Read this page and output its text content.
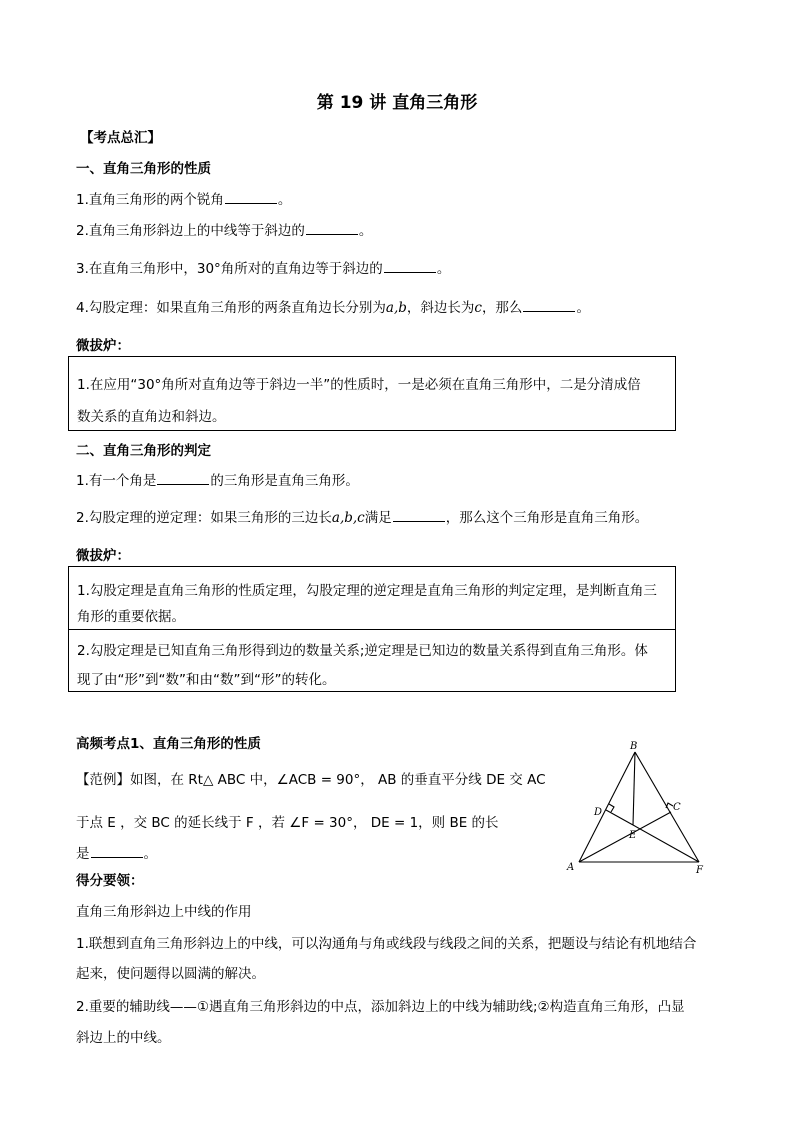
第 19 讲 直角三角形
【考点总汇】
一、直角三角形的性质
1.直角三角形的两个锐角	。
2.直角三角形斜边上的中线等于斜边的	。
3.在直角三角形中，30°角所对的直角边等于斜边的	。
4.勾股定理：如果直角三角形的两条直角边长分别为a,b，斜边长为c，那么	。
微拔炉：
1.在应用“30°角所对直角边等于斜边一半”的性质时，一是必须在直角三角形中，二是分清成倍
数关系的直角边和斜边。
二、直角三角形的判定
1.有一个角是	的三角形是直角三角形。
2.勾股定理的逆定理：如果三角形的三边长a,b,c满足	，那么这个三角形是直角三角形。
微拔炉：
1.勾股定理是直角三角形的性质定理，勾股定理的逆定理是直角三角形的判定定理，是判断直角三
角形的重要依据。
2.勾股定理是已知直角三角形得到边的数量关系;逆定理是已知边的数量关系得到直角三角形。体
现了由“形”到“数”和由“数”到“形”的转化。
高频考点1、直角三角形的性质
【范例】如图，在 Rt△ ABC 中，∠ACB = 90°， AB 的垂直平分线 DE 交 AC
于点 E ，交 BC 的延长线于 F ，若 ∠F = 30°， DE = 1，则 BE 的长
是	。
得分要领：
直角三角形斜边上中线的作用
1.联想到直角三角形斜边上的中线，可以沟通角与角或线段与线段之间的关系，把题设与结论有机地结合
起来，使问题得以圆满的解决。
2.重要的辅助线——①遇直角三角形斜边的中点，添加斜边上的中线为辅助线;②构造直角三角形，凸显
斜边上的中线。
B
A
C
D
E
F
